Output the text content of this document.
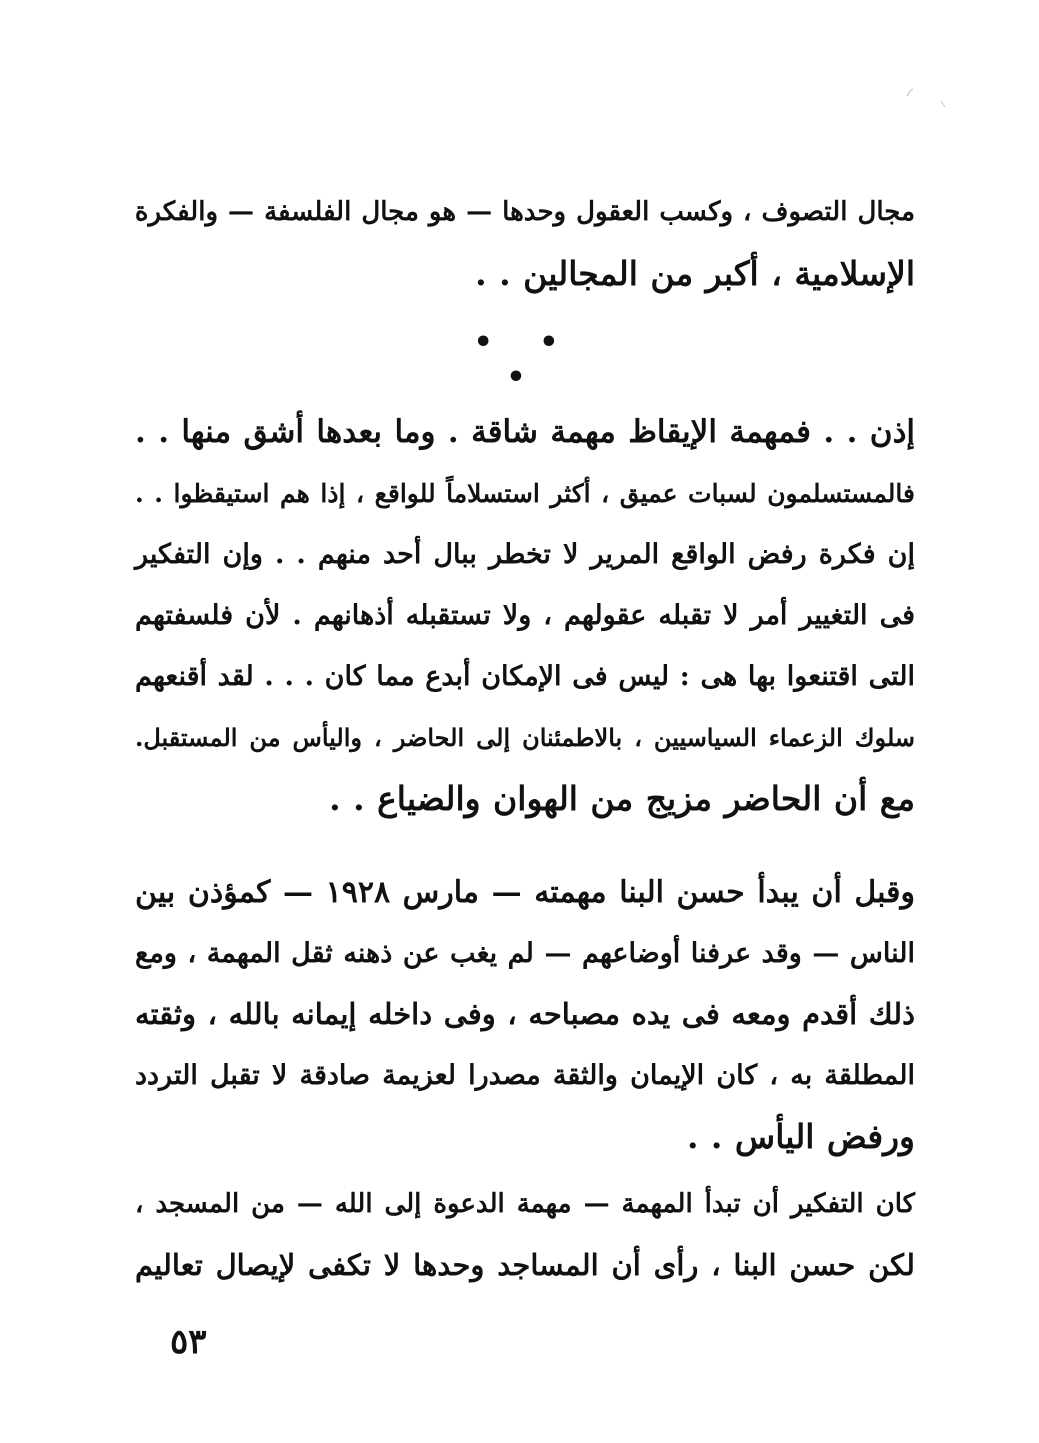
مجال التصوف ، وكسب العقول وحدها — هو مجال الفلسفة — والفكرة
الإسلامية ، أكبر من المجالين . .
• • •
إذن . . فمهمة الإيقاظ مهمة شاقة . وما بعدها أشق منها . .
فالمستسلمون لسبات عميق ، أكثر استسلاماً للواقع ، إذا هم استيقظوا . .
إن فكرة رفض الواقع المرير لا تخطر ببال أحد منهم . . وإن التفكير
فى التغيير أمر لا تقبله عقولهم ، ولا تستقبله أذهانهم . لأن فلسفتهم
التى اقتنعوا بها هى : ليس فى الإمكان أبدع مما كان . . . لقد أقنعهم
سلوك الزعماء السياسيين ، بالاطمئنان إلى الحاضر ، واليأس من المستقبل.
مع أن الحاضر مزيج من الهوان والضياع . .
وقبل أن يبدأ حسن البنا مهمته — مارس ١٩٢٨ — كمؤذن بين
الناس — وقد عرفنا أوضاعهم — لم يغب عن ذهنه ثقل المهمة ، ومع
ذلك أقدم ومعه فى يده مصباحه ، وفى داخله إيمانه بالله ، وثقته
المطلقة به ، كان الإيمان والثقة مصدرا لعزيمة صادقة لا تقبل التردد
ورفض اليأس . .
كان التفكير أن تبدأ المهمة — مهمة الدعوة إلى الله — من المسجد ،
لكن حسن البنا ، رأى أن المساجد وحدها لا تكفى لإيصال تعاليم
٥٣
